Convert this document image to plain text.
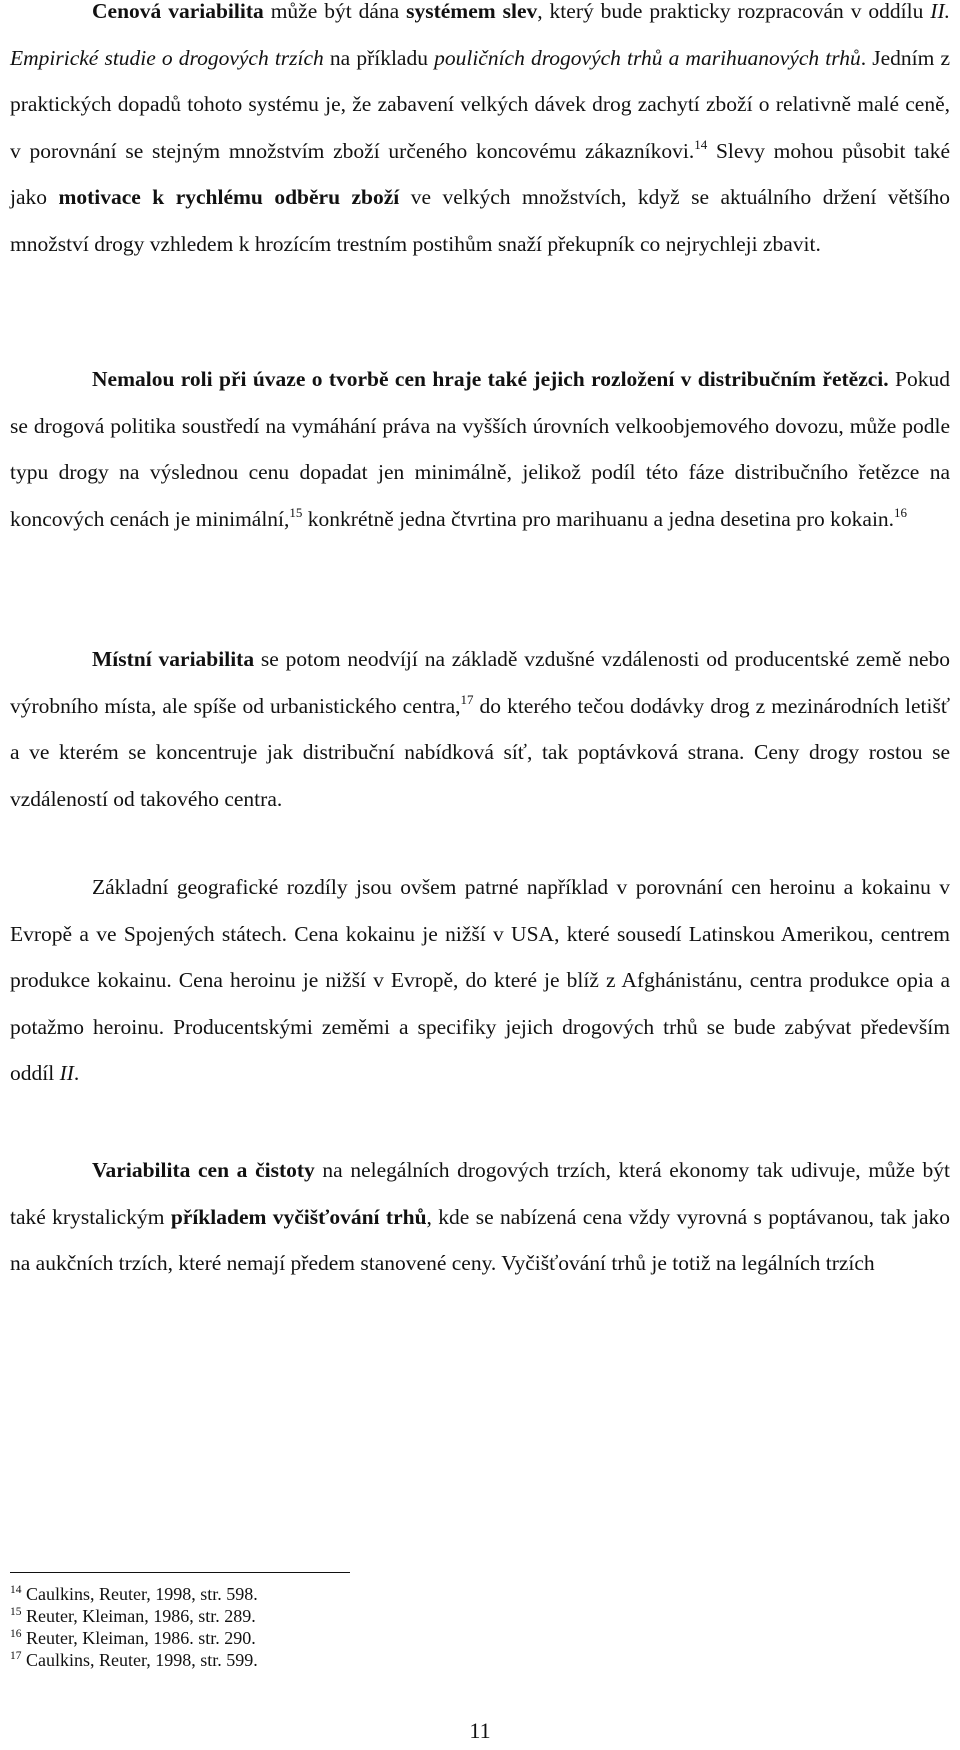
Cenová variabilita může být dána systémem slev, který bude prakticky rozpracován v oddílu II. Empirické studie o drogových trzích na příkladu pouličních drogových trhů a marihuanových trhů. Jedním z praktických dopadů tohoto systému je, že zabavení velkých dávek drog zachytí zboží o relativně malé ceně, v porovnání se stejným množstvím zboží určeného koncovému zákazníkovi.$^{14}$ Slevy mohou působit také jako motivace k rychlému odběru zboží ve velkých množstvích, když se aktuálního držení většího množství drogy vzhledem k hrozícím trestním postihům snaží překupník co nejrychleji zbavit.

Nemalou roli při úvaze o tvorbě cen hraje také jejich rozložení v distribučním řetězci. Pokud se drogová politika soustředí na vymáhání práva na vyšších úrovních velkoobjemového dovozu, může podle typu drogy na výslednou cenu dopadat jen minimálně, jelikož podíl této fáze distribučního řetězce na koncových cenách je minimální,$^{15}$ konkrétně jedna čtvrtina pro marihuanu a jedna desetina pro kokain.$^{16}$

Místní variabilita se potom neodvíjí na základě vzdušné vzdálenosti od producentské země nebo výrobního místa, ale spíše od urbanistického centra,$^{17}$ do kterého tečou dodávky drog z mezinárodních letišť a ve kterém se koncentruje jak distribuční nabídková síť, tak poptávková strana. Ceny drogy rostou se vzdáleností od takového centra.

Základní geografické rozdíly jsou ovšem patrné například v porovnání cen heroinu a kokainu v Evropě a ve Spojených státech. Cena kokainu je nižší v USA, které sousedí Latinskou Amerikou, centrem produkce kokainu. Cena heroinu je nižší v Evropě, do které je blíž z Afghánistánu, centra produkce opia a potažmo heroinu. Producentskými zeměmi a specifiky jejich drogových trhů se bude zabývat především oddíl II.

Variabilita cen a čistoty na nelegálních drogových trzích, která ekonomy tak udivuje, může být také krystalickým příkladem vyčišťování trhů, kde se nabízená cena vždy vyrovná s poptávanou, tak jako na aukčních trzích, které nemají předem stanovené ceny. Vyčišťování trhů je totiž na legálních trzích

$^{14}$ Caulkins, Reuter, 1998, str. 598.
$^{15}$ Reuter, Kleiman, 1986, str. 289.
$^{16}$ Reuter, Kleiman, 1986. str. 290.
$^{17}$ Caulkins, Reuter, 1998, str. 599.
11
